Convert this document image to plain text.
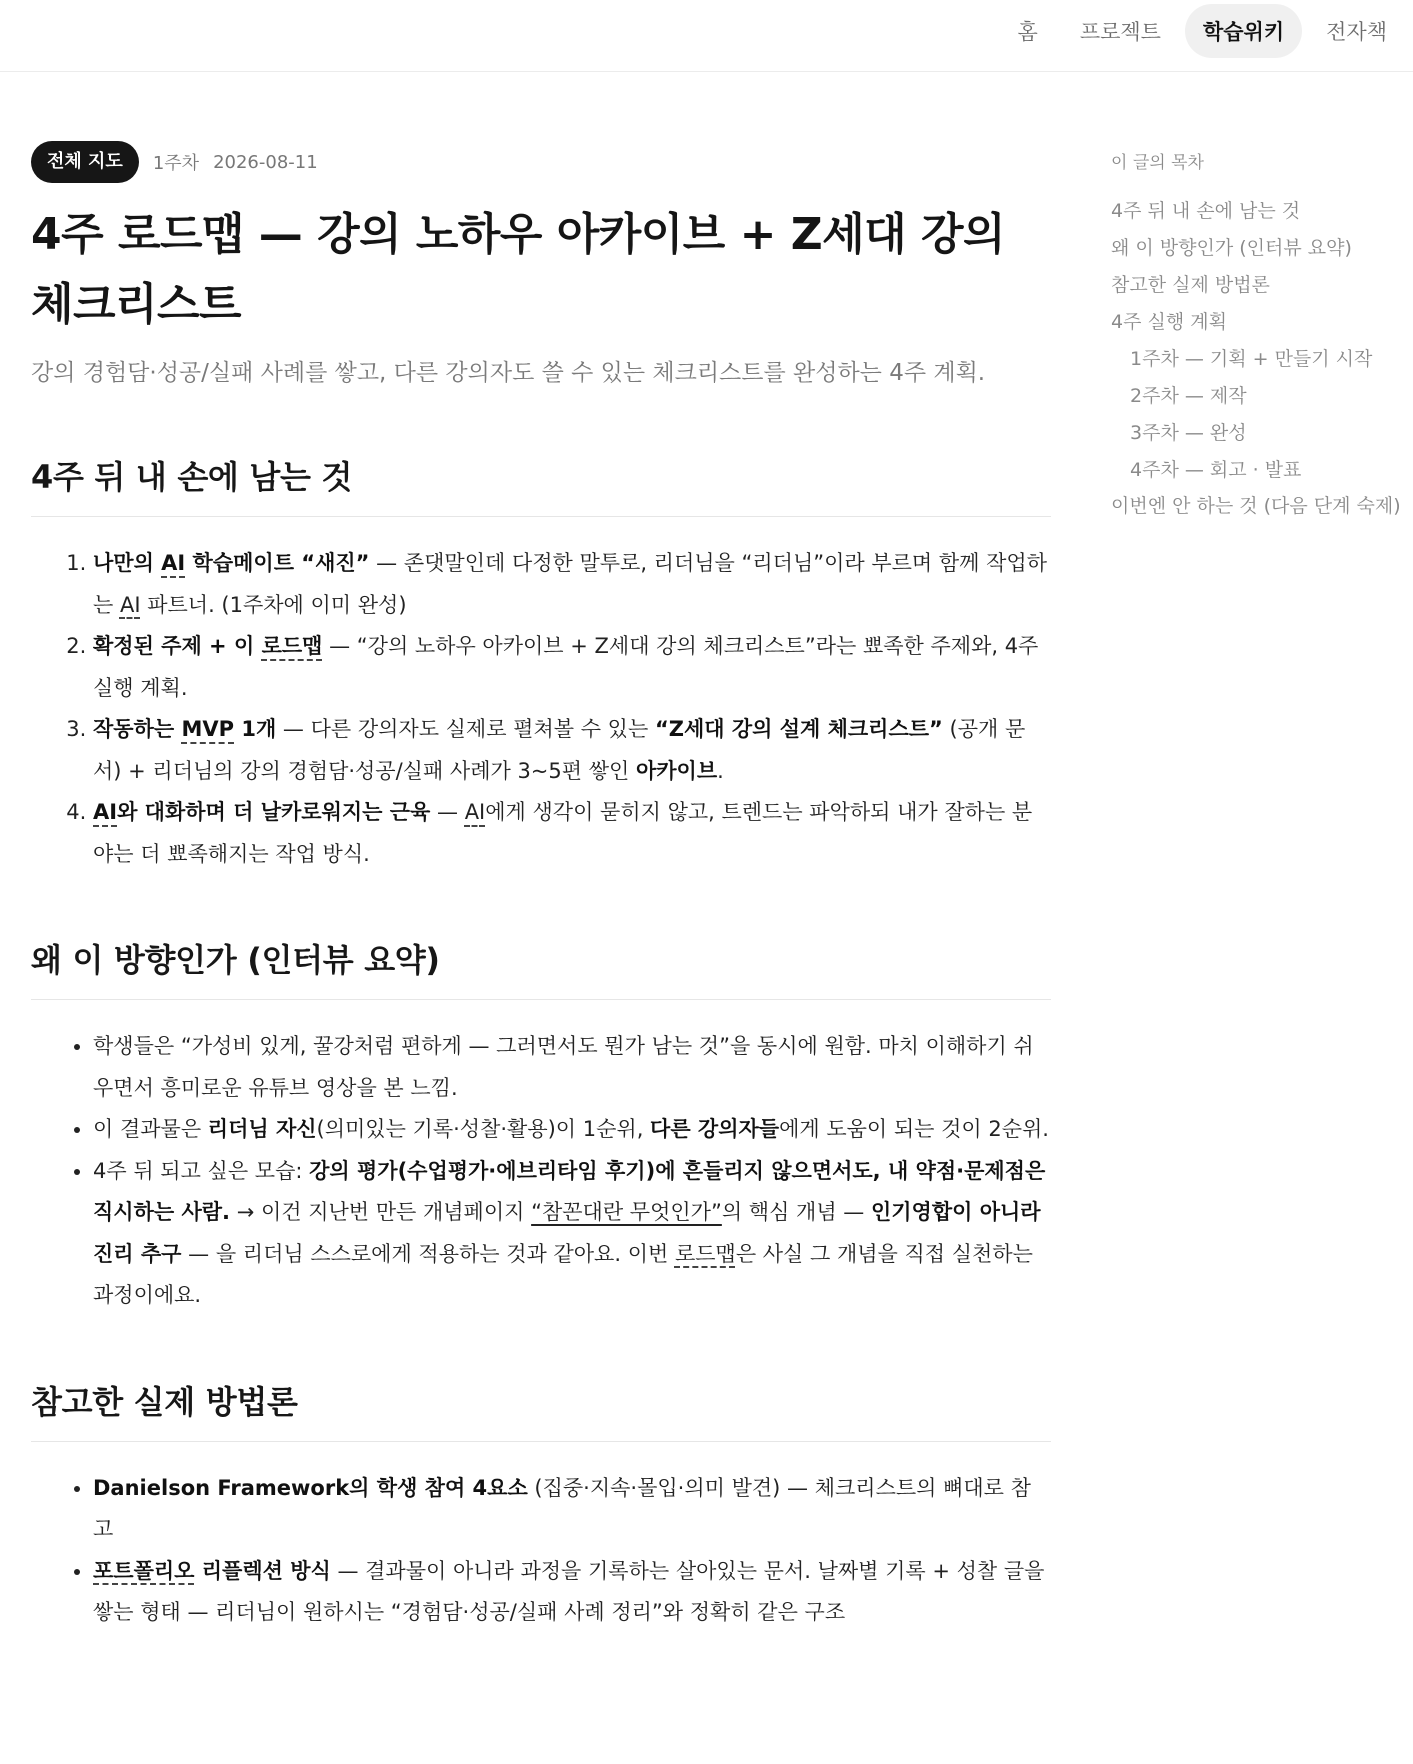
홈	프로젝트	학습위키	전자책
전체 지도	1주차 2026-08-11
4주 로드맵 — 강의 노하우 아카이브 + Z세대 강의 체크리스트

강의 경험담·성공/실패 사례를 쌓고, 다른 강의자도 쓸 수 있는 체크리스트를 완성하는 4주 계획.

4주 뒤 내 손에 남는 것
1. 나만의 AI 학습메이트 “새진” — 존댓말인데 다정한 말투로, 리더님을 “리더님”이라 부르며 함께 작업하는 AI 파트너. (1주차에 이미 완성)
2. 확정된 주제 + 이 로드맵 — “강의 노하우 아카이브 + Z세대 강의 체크리스트”라는 뾰족한 주제와, 4주 실행 계획.
3. 작동하는 MVP 1개 — 다른 강의자도 실제로 펼쳐볼 수 있는 “Z세대 강의 설계 체크리스트” (공개 문서) + 리더님의 강의 경험담·성공/실패 사례가 3~5편 쌓인 아카이브.
4. AI와 대화하며 더 날카로워지는 근육 — AI에게 생각이 묻히지 않고, 트렌드는 파악하되 내가 잘하는 분야는 더 뾰족해지는 작업 방식.
왜 이 방향인가 (인터뷰 요약)
• 학생들은 “가성비 있게, 꿀강처럼 편하게 — 그러면서도 뭔가 남는 것”을 동시에 원함. 마치 이해하기 쉬우면서 흥미로운 유튜브 영상을 본 느낌.
• 이 결과물은 리더님 자신(의미있는 기록·성찰·활용)이 1순위, 다른 강의자들에게 도움이 되는 것이 2순위.
• 4주 뒤 되고 싶은 모습: 강의 평가(수업평가·에브리타임 후기)에 흔들리지 않으면서도, 내 약점·문제점은 직시하는 사람. → 이건 지난번 만든 개념페이지 “참꼰대란 무엇인가”의 핵심 개념 — 인기영합이 아니라 진리 추구 — 을 리더님 스스로에게 적용하는 것과 같아요. 이번 로드맵은 사실 그 개념을 직접 실천하는 과정이에요.
참고한 실제 방법론
• Danielson Framework의 학생 참여 4요소 (집중·지속·몰입·의미 발견) — 체크리스트의 뼈대로 참고
• 포트폴리오 리플렉션 방식 — 결과물이 아니라 과정을 기록하는 살아있는 문서. 날짜별 기록 + 성찰 글을 쌓는 형태 — 리더님이 원하시는 “경험담·성공/실패 사례 정리”와 정확히 같은 구조
이 글의 목차
4주 뒤 내 손에 남는 것
왜 이 방향인가 (인터뷰 요약)
참고한 실제 방법론
4주 실행 계획
1주차 — 기획 + 만들기 시작
2주차 — 제작
3주차 — 완성
4주차 — 회고 · 발표
이번엔 안 하는 것 (다음 단계 숙제)
